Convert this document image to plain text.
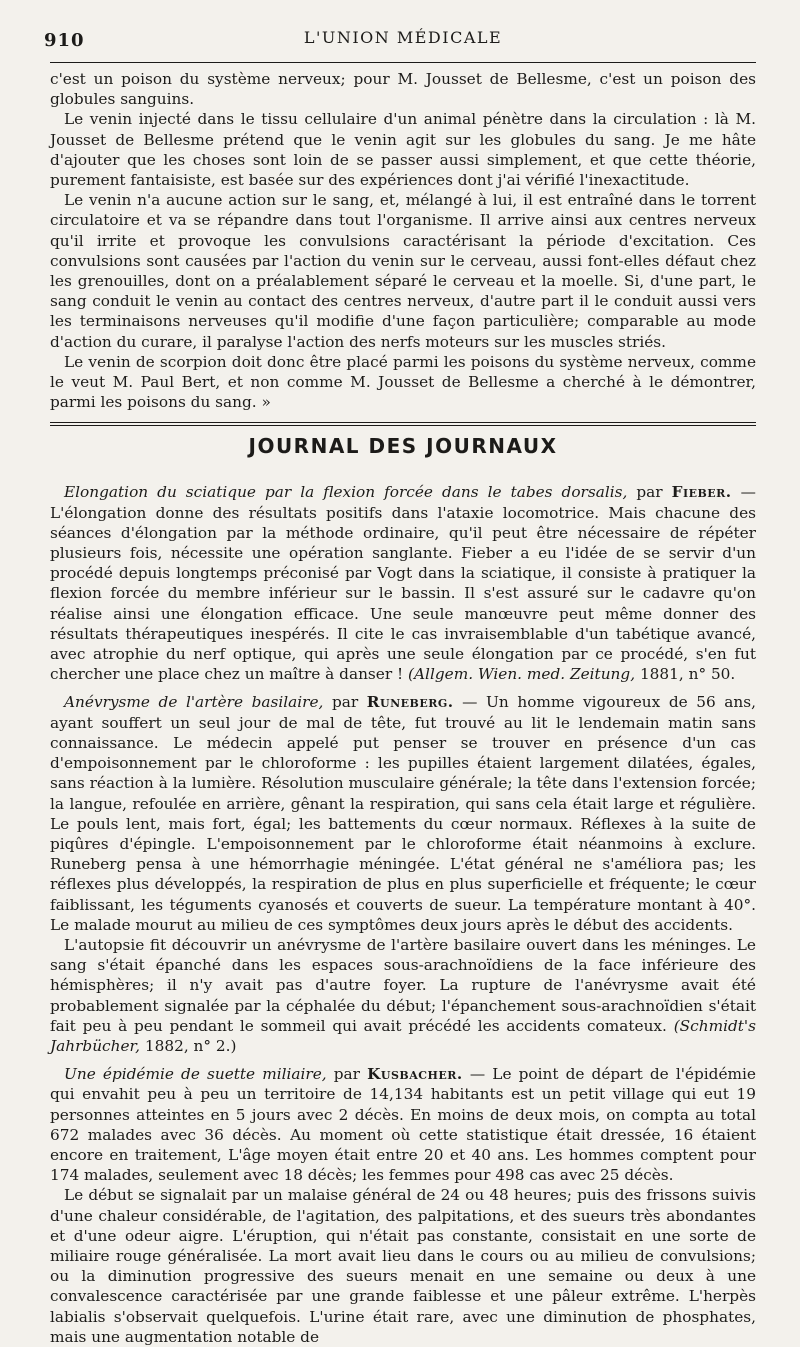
910	L'UNION MÉDICALE

c'est un poison du système nerveux; pour M. Jousset de Bellesme, c'est un poison des globules sanguins.

Le venin injecté dans le tissu cellulaire d'un animal pénètre dans la circulation : là M. Jousset de Bellesme prétend que le venin agit sur les globules du sang. Je me hâte d'ajouter que les choses sont loin de se passer aussi simplement, et que cette théorie, purement fantaisiste, est basée sur des expériences dont j'ai vérifié l'inexactitude.

Le venin n'a aucune action sur le sang, et, mélangé à lui, il est entraîné dans le torrent circulatoire et va se répandre dans tout l'organisme. Il arrive ainsi aux centres nerveux qu'il irrite et provoque les convulsions caractérisant la période d'excitation. Ces convulsions sont causées par l'action du venin sur le cerveau, aussi font-elles défaut chez les grenouilles, dont on a préalablement séparé le cerveau et la moelle. Si, d'une part, le sang conduit le venin au contact des centres nerveux, d'autre part il le conduit aussi vers les terminaisons nerveuses qu'il modifie d'une façon particulière; comparable au mode d'action du curare, il paralyse l'action des nerfs moteurs sur les muscles striés.

Le venin de scorpion doit donc être placé parmi les poisons du système nerveux, comme le veut M. Paul Bert, et non comme M. Jousset de Bellesme a cherché à le démontrer, parmi les poisons du sang. »

JOURNAL DES JOURNAUX

Elongation du sciatique par la flexion forcée dans le tabes dorsalis, par Fieber. — L'élongation donne des résultats positifs dans l'ataxie locomotrice. Mais chacune des séances d'élongation par la méthode ordinaire, qu'il peut être nécessaire de répéter plusieurs fois, nécessite une opération sanglante. Fieber a eu l'idée de se servir d'un procédé depuis longtemps préconisé par Vogt dans la sciatique, il consiste à pratiquer la flexion forcée du membre inférieur sur le bassin. Il s'est assuré sur le cadavre qu'on réalise ainsi une élongation efficace. Une seule manœuvre peut même donner des résultats thérapeutiques inespérés. Il cite le cas invraisemblable d'un tabétique avancé, avec atrophie du nerf optique, qui après une seule élongation par ce procédé, s'en fut chercher une place chez un maître à danser ! (Allgem. Wien. med. Zeitung, 1881, n° 50.

Anévrysme de l'artère basilaire, par Runeberg. — Un homme vigoureux de 56 ans, ayant souffert un seul jour de mal de tête, fut trouvé au lit le lendemain matin sans connaissance. Le médecin appelé put penser se trouver en présence d'un cas d'empoisonnement par le chloroforme : les pupilles étaient largement dilatées, égales, sans réaction à la lumière. Résolution musculaire générale; la tête dans l'extension forcée; la langue, refoulée en arrière, gênant la respiration, qui sans cela était large et régulière. Le pouls lent, mais fort, égal; les battements du cœur normaux. Réflexes à la suite de piqûres d'épingle. L'empoisonnement par le chloroforme était néanmoins à exclure. Runeberg pensa à une hémorrhagie méningée. L'état général ne s'améliora pas; les réflexes plus développés, la respiration de plus en plus superficielle et fréquente; le cœur faiblissant, les téguments cyanosés et couverts de sueur. La température montant à 40°. Le malade mourut au milieu de ces symptômes deux jours après le début des accidents.

L'autopsie fit découvrir un anévrysme de l'artère basilaire ouvert dans les méninges. Le sang s'était épanché dans les espaces sous-arachnoïdiens de la face inférieure des hémisphères; il n'y avait pas d'autre foyer. La rupture de l'anévrysme avait été probablement signalée par la céphalée du début; l'épanchement sous-arachnoïdien s'était fait peu à peu pendant le sommeil qui avait précédé les accidents comateux. (Schmidt's Jahrbücher, 1882, n° 2.)

Une épidémie de suette miliaire, par Kusbacher. — Le point de départ de l'épidémie qui envahit peu à peu un territoire de 14,134 habitants est un petit village qui eut 19 personnes atteintes en 5 jours avec 2 décès. En moins de deux mois, on compta au total 672 malades avec 36 décès. Au moment où cette statistique était dressée, 16 étaient encore en traitement, L'âge moyen était entre 20 et 40 ans. Les hommes comptent pour 174 malades, seulement avec 18 décès; les femmes pour 498 cas avec 25 décès.

Le début se signalait par un malaise général de 24 ou 48 heures; puis des frissons suivis d'une chaleur considérable, de l'agitation, des palpitations, et des sueurs très abondantes et d'une odeur aigre. L'éruption, qui n'était pas constante, consistait en une sorte de miliaire rouge généralisée. La mort avait lieu dans le cours ou au milieu de convulsions; ou la diminution progressive des sueurs menait en une semaine ou deux à une convalescence caractérisée par une grande faiblesse et une pâleur extrême. L'herpès labialis s'observait quelquefois. L'urine était rare, avec une diminution de phosphates, mais une augmentation notable de
